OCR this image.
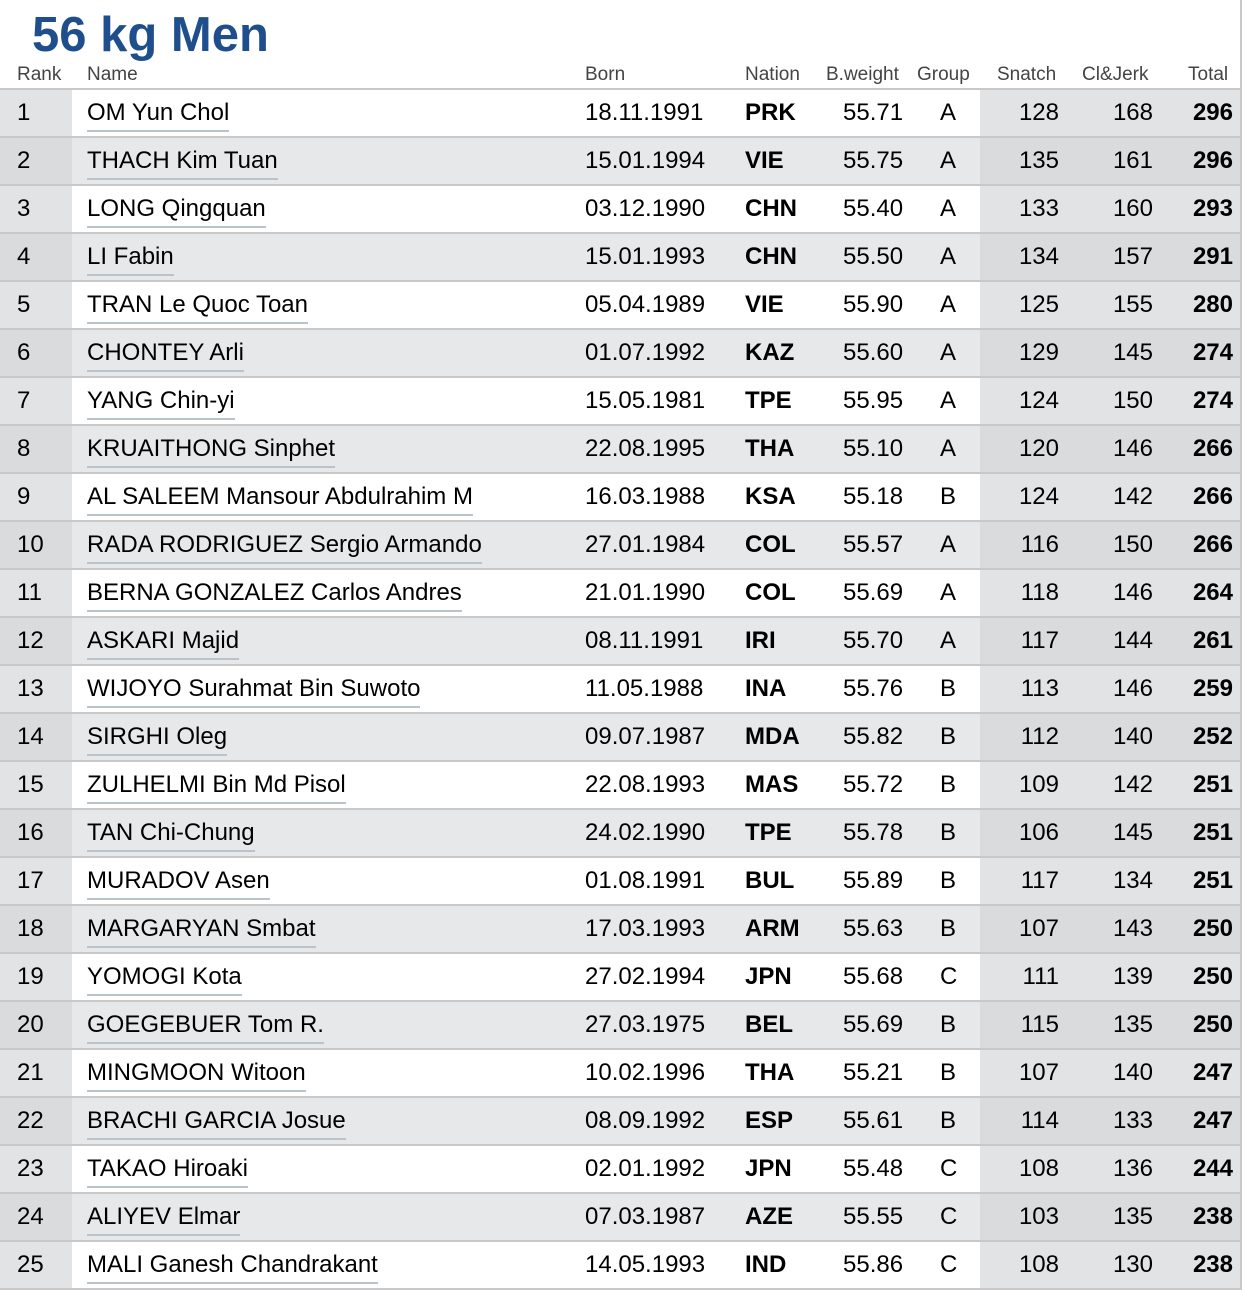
56 kg Men
Rank Name	Born	Nation B.weight Group Snatch Cl&Jerk Total
1	OM Yun Chol	18.11.1991 PRK 55.71 A	128 168 296
2	THACH Kim Tuan	15.01.1994 VIE 55.75 A	135 161 296
3	LONG Qingquan	03.12.1990 CHN 55.40 A	133 160 293
4	LI Fabin	15.01.1993 CHN 55.50 A	134 157 291
5	TRAN Le Quoc Toan	05.04.1989 VIE 55.90 A	125 155 280
6	CHONTEY Arli	01.07.1992 KAZ 55.60 A	129 145 274
7	YANG Chin-yi	15.05.1981 TPE 55.95 A	124 150 274
8	KRUAITHONG Sinphet	22.08.1995 THA 55.10 A	120 146 266
9	AL SALEEM Mansour Abdulrahim M	16.03.1988 KSA 55.18 B	124 142 266
10	RADA RODRIGUEZ Sergio Armando	27.01.1984 COL 55.57 A	116 150 266
11	BERNA GONZALEZ Carlos Andres	21.01.1990 COL 55.69 A	118 146 264
12	ASKARI Majid	08.11.1991 IRI	55.70 A	117 144 261
13	WIJOYO Surahmat Bin Suwoto	11.05.1988 INA 55.76 B	113 146 259
14	SIRGHI Oleg	09.07.1987 MDA 55.82 B	112 140 252
15	ZULHELMI Bin Md Pisol	22.08.1993 MAS 55.72 B	109 142 251
16	TAN Chi-Chung	24.02.1990 TPE 55.78 B	106 145 251
17	MURADOV Asen	01.08.1991 BUL 55.89 B	117 134 251
18	MARGARYAN Smbat	17.03.1993 ARM 55.63 B	107 143 250
19	YOMOGI Kota	27.02.1994 JPN 55.68 C	111 139 250
20	GOEGEBUER Tom R.	27.03.1975 BEL 55.69 B	115 135 250
21	MINGMOON Witoon	10.02.1996 THA 55.21 B	107 140 247
22	BRACHI GARCIA Josue	08.09.1992 ESP 55.61 B	114 133 247
23	TAKAO Hiroaki	02.01.1992 JPN 55.48 C	108 136 244
24	ALIYEV Elmar	07.03.1987 AZE 55.55 C	103 135 238
25	MALI Ganesh Chandrakant	14.05.1993 IND 55.86 C	108 130 238
